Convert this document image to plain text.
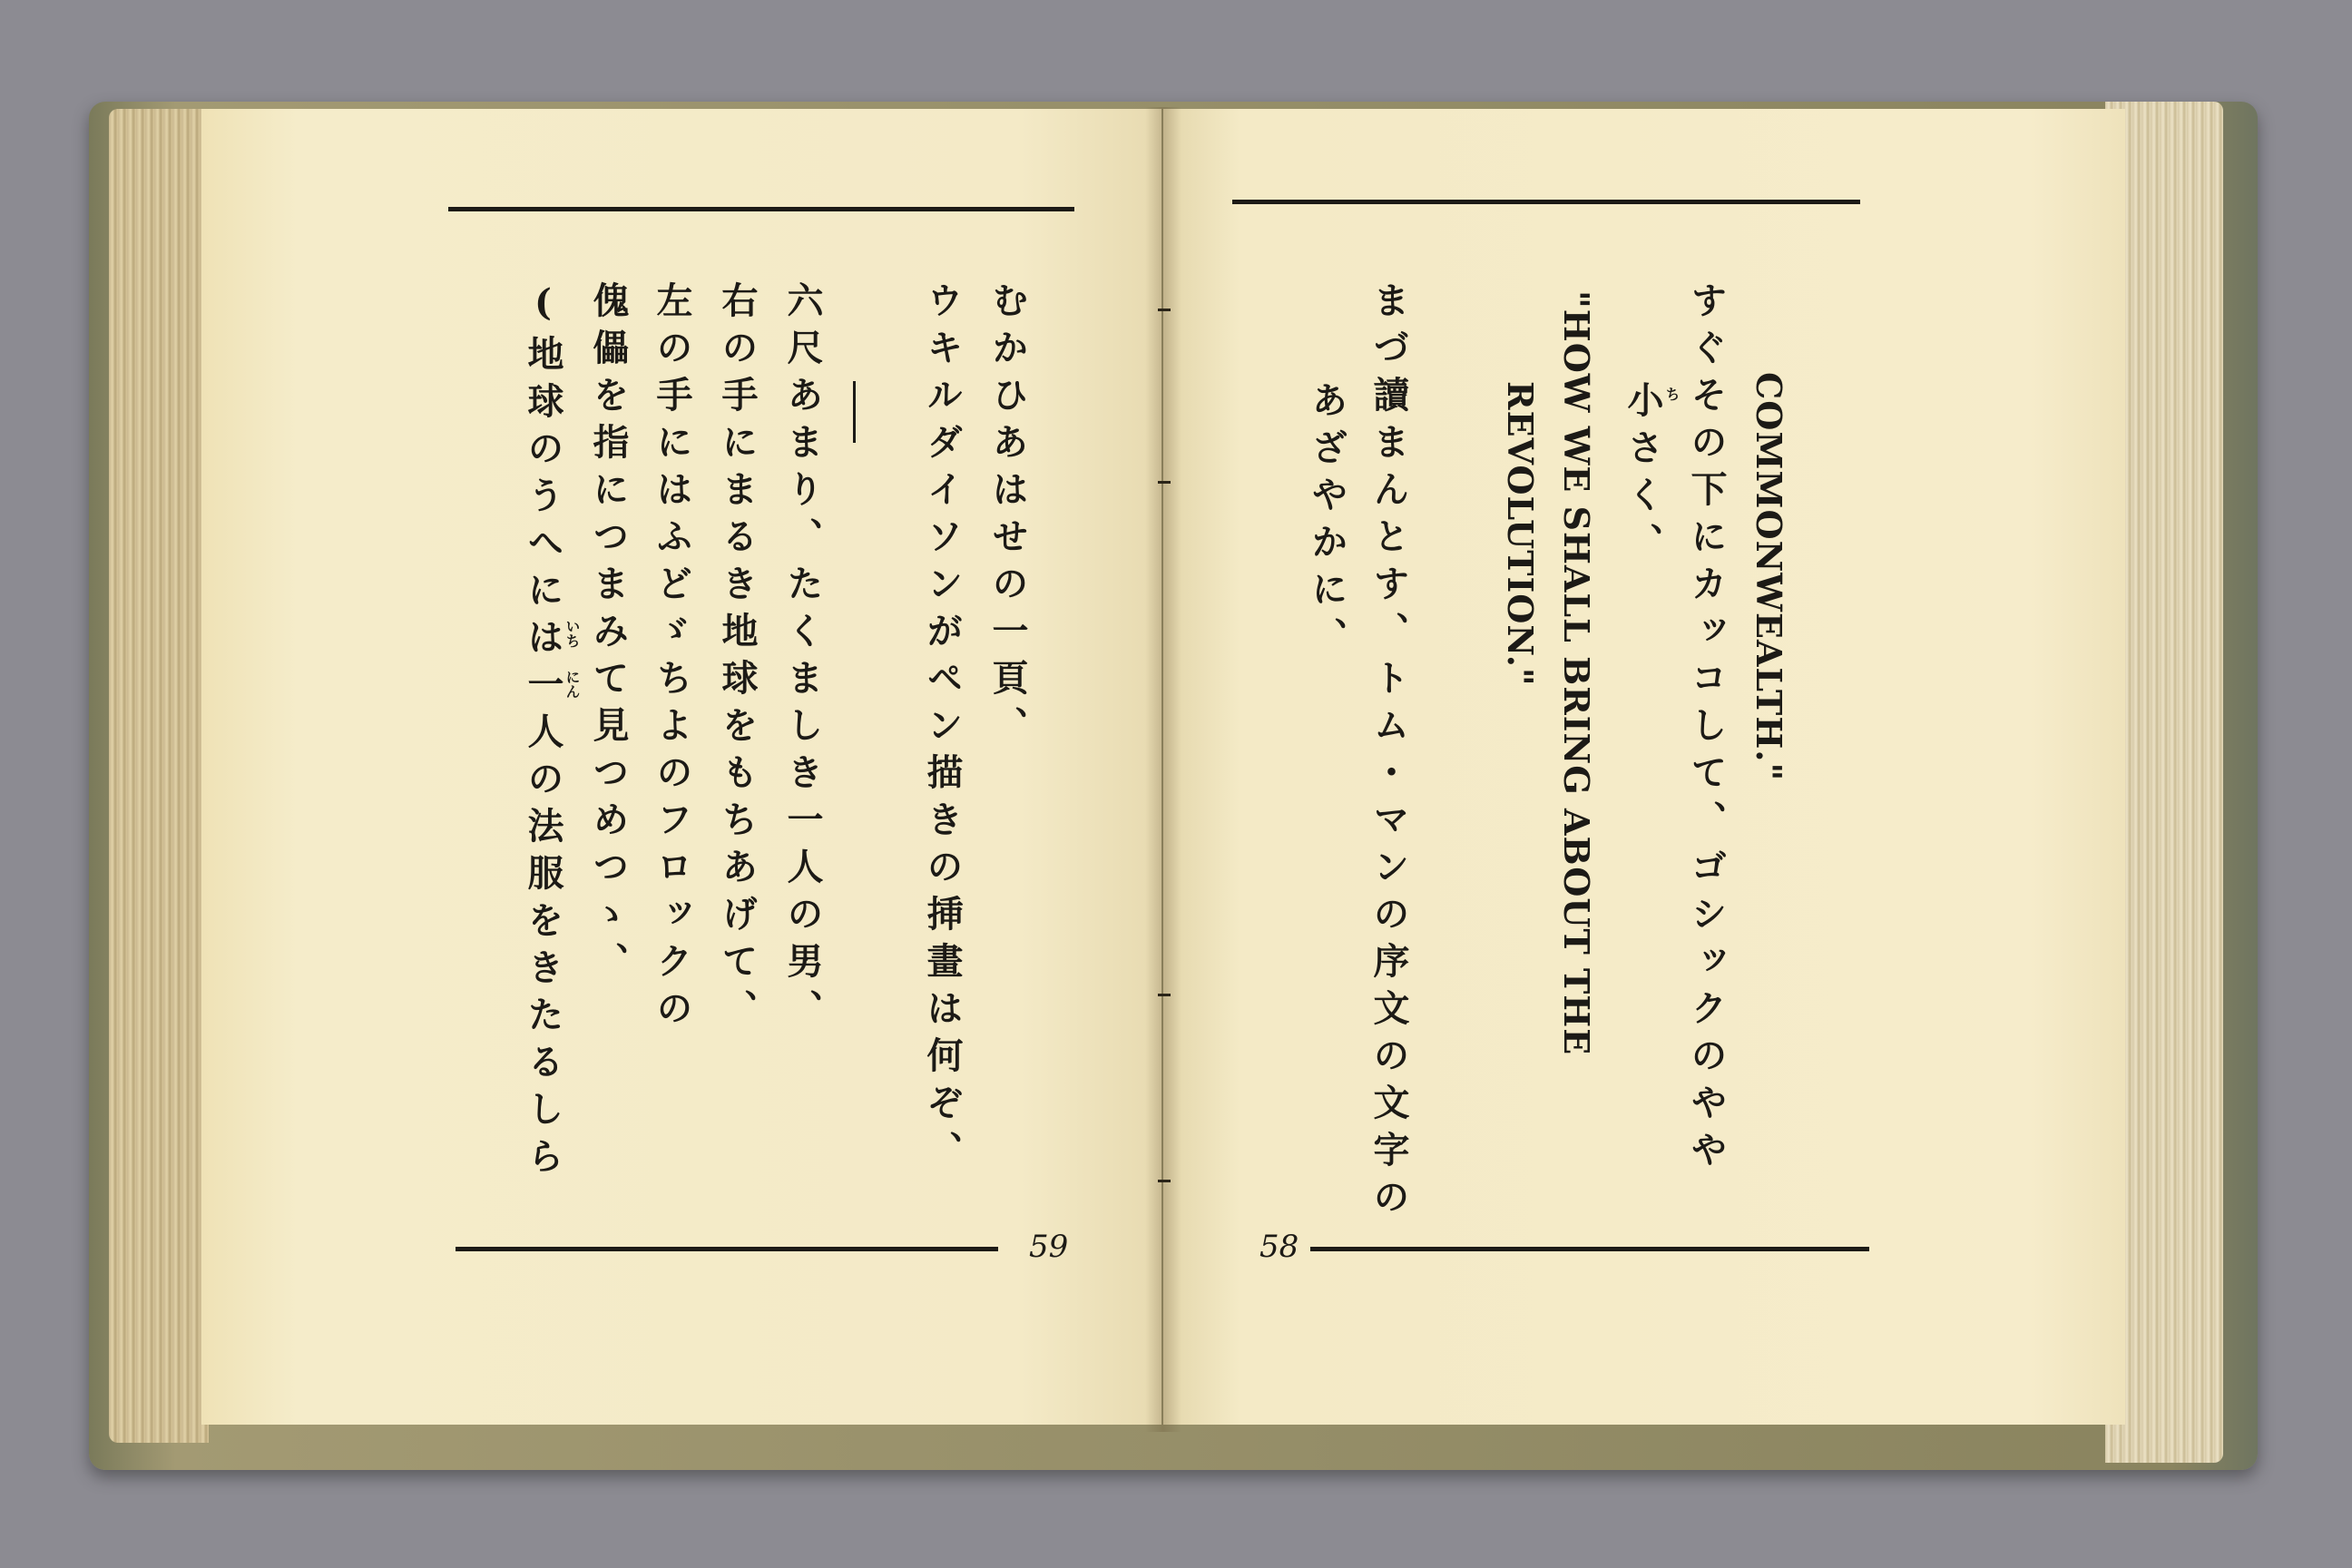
59
むかひあはせの一頁、
ウキルダイソンがペン描きの挿畫は何ぞ、
六尺あまり、たくましき一人の男、
右の手にまるき地球をもちあげて、
左の手にはふどゞちよのフロックの
傀儡を指につまみて見つめつゝ、
(地球のうへには一人の法服をきたるしら いち
にん
58
COMMONWEALTH."
すぐその下にカッコして、ゴシックのやや
小さく、 ち
"HOW WE SHALL BRING ABOUT THE
REVOLUTION."
まづ讀まんとす、トム・マンの序文の文字の
あざやかに、
